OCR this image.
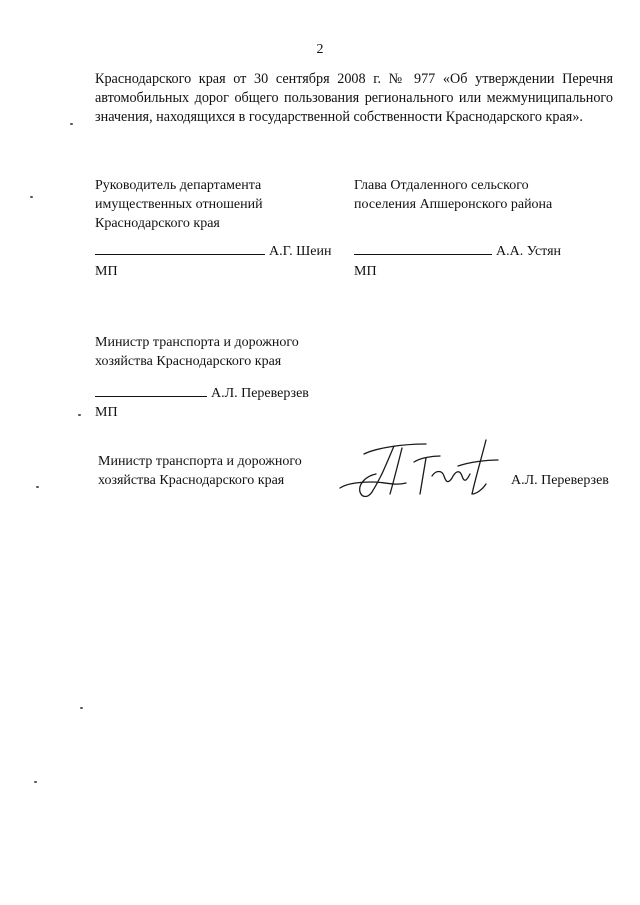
2
Краснодарского края от 30 сентября 2008 г. № 977 «Об утверждении Перечня автомобильных дорог общего пользования регионального или межмуниципального значения, находящихся в государственной собственности Краснодарского края».
Руководитель департамента
имущественных отношений
Краснодарского края
А.Г. Шеин
МП
Глава Отдаленного сельского
поселения Апшеронского района
А.А. Устян
МП
Министр транспорта и дорожного
хозяйства Краснодарского края
А.Л. Переверзев
МП
Министр транспорта и дорожного
хозяйства Краснодарского края	А.Л. Переверзев
